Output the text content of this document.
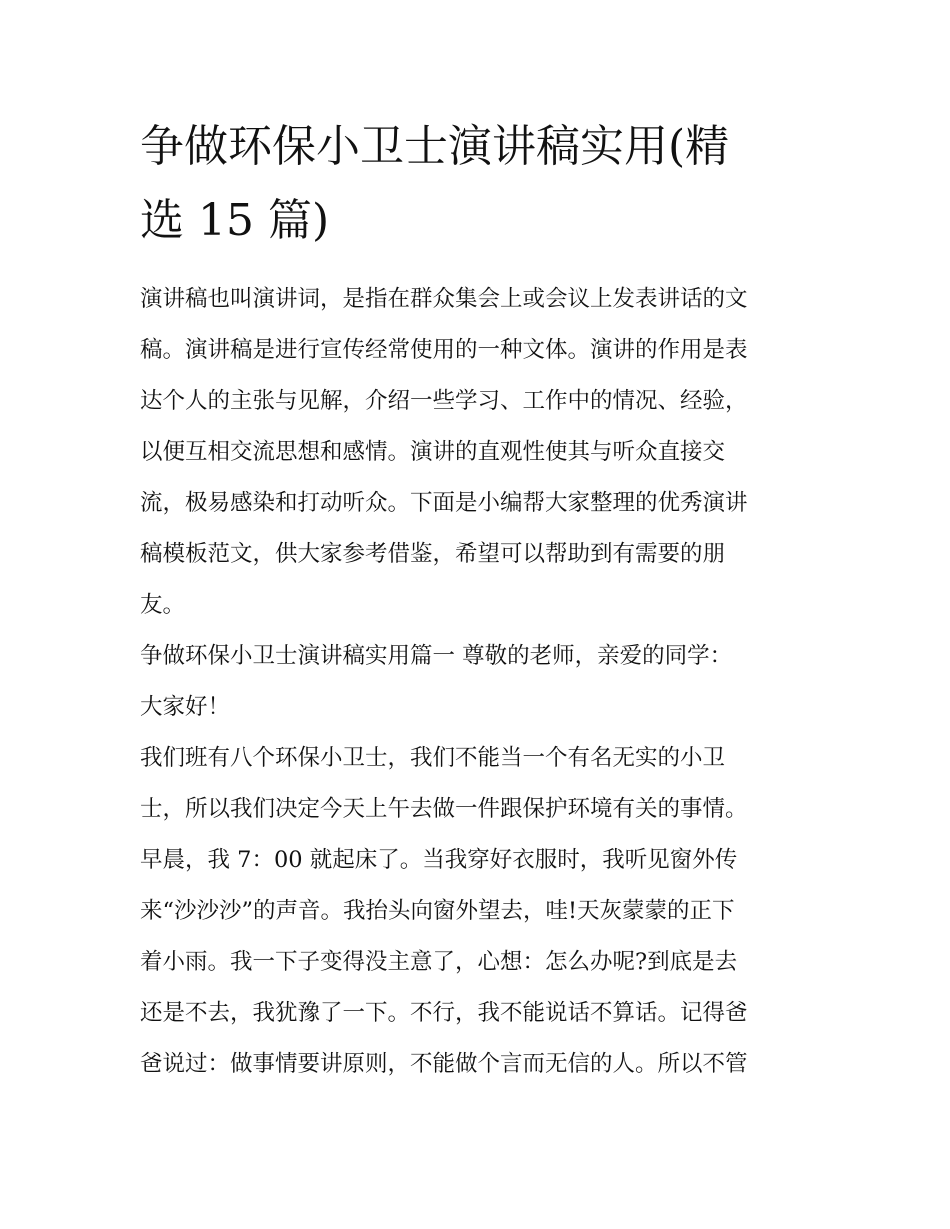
争做环保小卫士演讲稿实用(精
选 15 篇)
演讲稿也叫演讲词，是指在群众集会上或会议上发表讲话的文
稿。演讲稿是进行宣传经常使用的一种文体。演讲的作用是表
达个人的主张与见解，介绍一些学习、工作中的情况、经验，
以便互相交流思想和感情。演讲的直观性使其与听众直接交
流，极易感染和打动听众。下面是小编帮大家整理的优秀演讲
稿模板范文，供大家参考借鉴，希望可以帮助到有需要的朋
友。
争做环保小卫士演讲稿实用篇一 尊敬的老师，亲爱的同学：
大家好！
我们班有八个环保小卫士，我们不能当一个有名无实的小卫
士，所以我们决定今天上午去做一件跟保护环境有关的事情。
早晨，我 7：00 就起床了。当我穿好衣服时，我听见窗外传
来“沙沙沙”的声音。我抬头向窗外望去，哇!天灰蒙蒙的正下
着小雨。我一下子变得没主意了，心想：怎么办呢?到底是去
还是不去，我犹豫了一下。不行，我不能说话不算话。记得爸
爸说过：做事情要讲原则，不能做个言而无信的人。所以不管
